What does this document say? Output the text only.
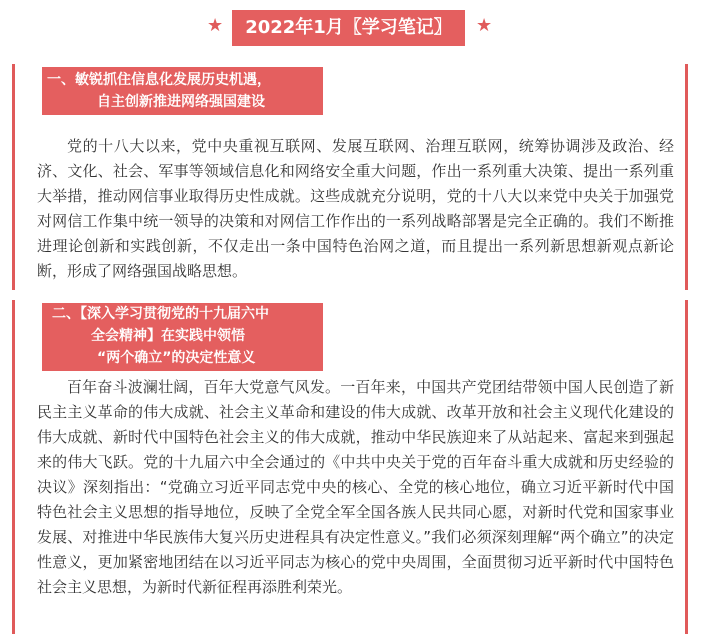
★	2022年1月〖学习笔记〗	★
一、敏锐抓住信息化发展历史机遇，
自主创新推进网络强国建设

党的十八大以来，党中央重视互联网、发展互联网、治理互联网，统筹协调涉及政治、经济、文化、社会、军事等领域信息化和网络安全重大问题，作出一系列重大决策、提出一系列重大举措，推动网信事业取得历史性成就。这些成就充分说明，党的十八大以来党中央关于加强党对网信工作集中统一领导的决策和对网信工作作出的一系列战略部署是完全正确的。我们不断推进理论创新和实践创新，不仅走出一条中国特色治网之道，而且提出一系列新思想新观点新论断，形成了网络强国战略思想。

二、【深入学习贯彻党的十九届六中
全会精神】在实践中领悟
“两个确立”的决定性意义

百年奋斗波澜壮阔，百年大党意气风发。一百年来，中国共产党团结带领中国人民创造了新民主主义革命的伟大成就、社会主义革命和建设的伟大成就、改革开放和社会主义现代化建设的伟大成就、新时代中国特色社会主义的伟大成就，推动中华民族迎来了从站起来、富起来到强起来的伟大飞跃。党的十九届六中全会通过的《中共中央关于党的百年奋斗重大成就和历史经验的决议》深刻指出：“党确立习近平同志党中央的核心、全党的核心地位，确立习近平新时代中国特色社会主义思想的指导地位，反映了全党全军全国各族人民共同心愿，对新时代党和国家事业发展、对推进中华民族伟大复兴历史进程具有决定性意义。”我们必须深刻理解“两个确立”的决定性意义，更加紧密地团结在以习近平同志为核心的党中央周围，全面贯彻习近平新时代中国特色社会主义思想，为新时代新征程再添胜利荣光。
